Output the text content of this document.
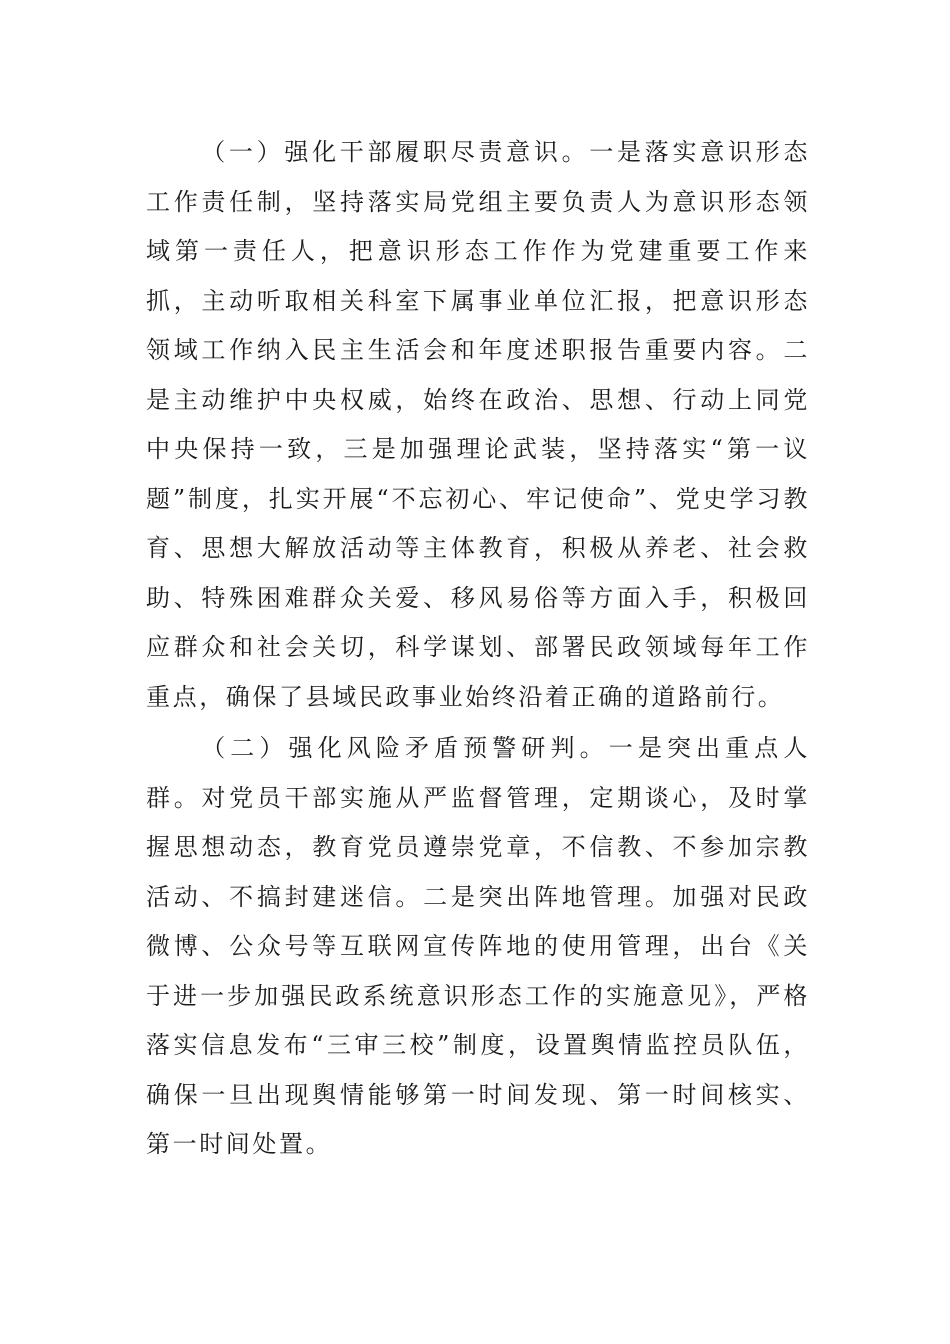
（一）强化干部履职尽责意识。一是落实意识形态工作责任制，坚持落实局党组主要负责人为意识形态领域第一责任人，把意识形态工作作为党建重要工作来抓，主动听取相关科室下属事业单位汇报，把意识形态领域工作纳入民主生活会和年度述职报告重要内容。二是主动维护中央权威，始终在政治、思想、行动上同党中央保持一致，三是加强理论武装，坚持落实“第一议题”制度，扎实开展“不忘初心、牢记使命”、党史学习教育、思想大解放活动等主体教育，积极从养老、社会救助、特殊困难群众关爱、移风易俗等方面入手，积极回应群众和社会关切，科学谋划、部署民政领域每年工作重点，确保了县域民政事业始终沿着正确的道路前行。

（二）强化风险矛盾预警研判。一是突出重点人群。对党员干部实施从严监督管理，定期谈心，及时掌握思想动态，教育党员遵崇党章，不信教、不参加宗教活动、不搞封建迷信。二是突出阵地管理。加强对民政微博、公众号等互联网宣传阵地的使用管理，出台《关于进一步加强民政系统意识形态工作的实施意见》，严格落实信息发布“三审三校”制度，设置舆情监控员队伍，确保一旦出现舆情能够第一时间发现、第一时间核实、第一时间处置。
